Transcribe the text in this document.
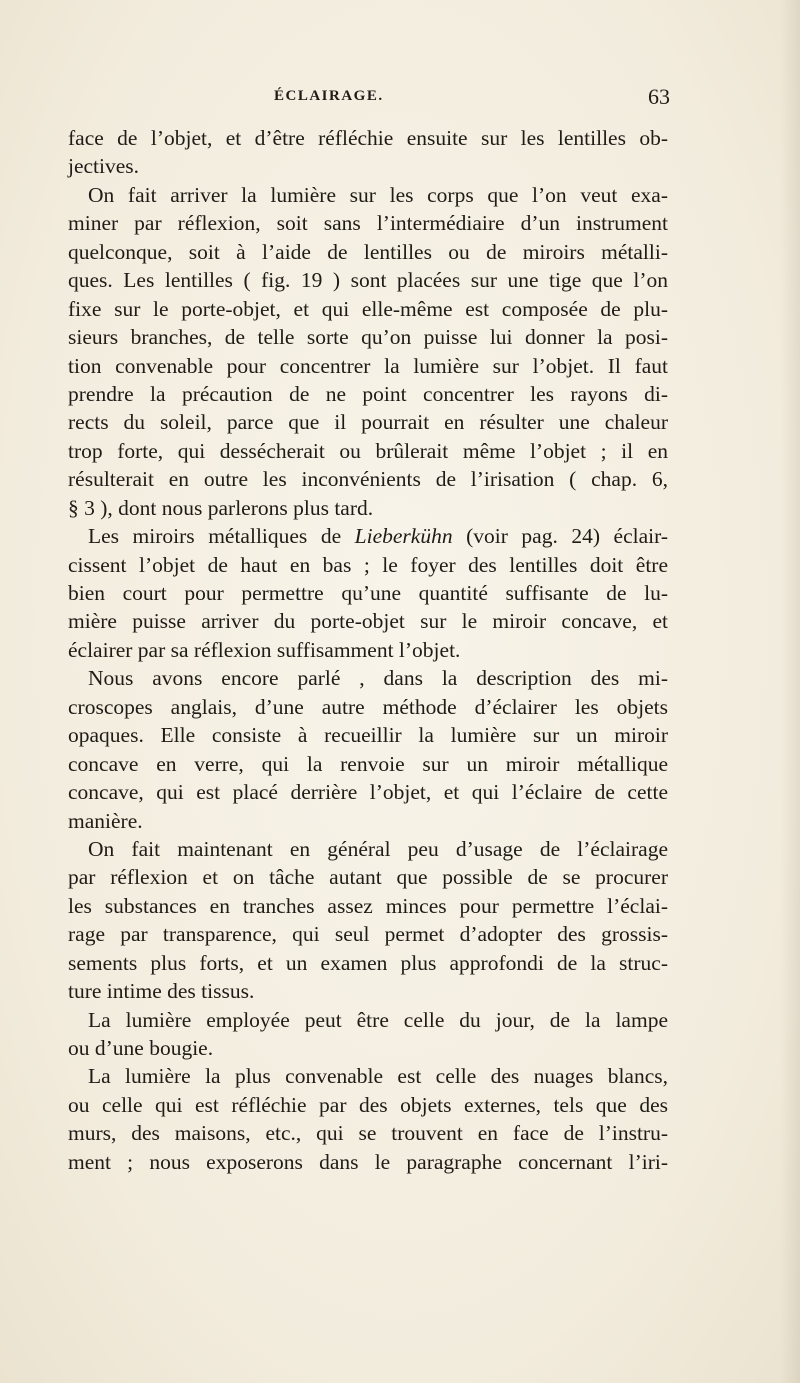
ÉCLAIRAGE.	63
face de l’objet, et d’être réfléchie ensuite sur les lentilles ob-
jectives.
On fait arriver la lumière sur les corps que l’on veut exa-
miner par réflexion, soit sans l’intermédiaire d’un instrument
quelconque, soit à l’aide de lentilles ou de miroirs métalli-
ques. Les lentilles ( fig. 19 ) sont placées sur une tige que l’on
fixe sur le porte-objet, et qui elle-même est composée de plu-
sieurs branches, de telle sorte qu’on puisse lui donner la posi-
tion convenable pour concentrer la lumière sur l’objet. Il faut
prendre la précaution de ne point concentrer les rayons di-
rects du soleil, parce que il pourrait en résulter une chaleur
trop forte, qui dessécherait ou brûlerait même l’objet ; il en
résulterait en outre les inconvénients de l’irisation ( chap. 6,
§ 3 ), dont nous parlerons plus tard.
Les miroirs métalliques de Lieberkühn (voir pag. 24) éclair-
cissent l’objet de haut en bas ; le foyer des lentilles doit être
bien court pour permettre qu’une quantité suffisante de lu-
mière puisse arriver du porte-objet sur le miroir concave, et
éclairer par sa réflexion suffisamment l’objet.
Nous avons encore parlé , dans la description des mi-
croscopes anglais, d’une autre méthode d’éclairer les objets
opaques. Elle consiste à recueillir la lumière sur un miroir
concave en verre, qui la renvoie sur un miroir métallique
concave, qui est placé derrière l’objet, et qui l’éclaire de cette
manière.
On fait maintenant en général peu d’usage de l’éclairage
par réflexion et on tâche autant que possible de se procurer
les substances en tranches assez minces pour permettre l’éclai-
rage par transparence, qui seul permet d’adopter des grossis-
sements plus forts, et un examen plus approfondi de la struc-
ture intime des tissus.
La lumière employée peut être celle du jour, de la lampe
ou d’une bougie.
La lumière la plus convenable est celle des nuages blancs,
ou celle qui est réfléchie par des objets externes, tels que des
murs, des maisons, etc., qui se trouvent en face de l’instru-
ment ; nous exposerons dans le paragraphe concernant l’iri-
